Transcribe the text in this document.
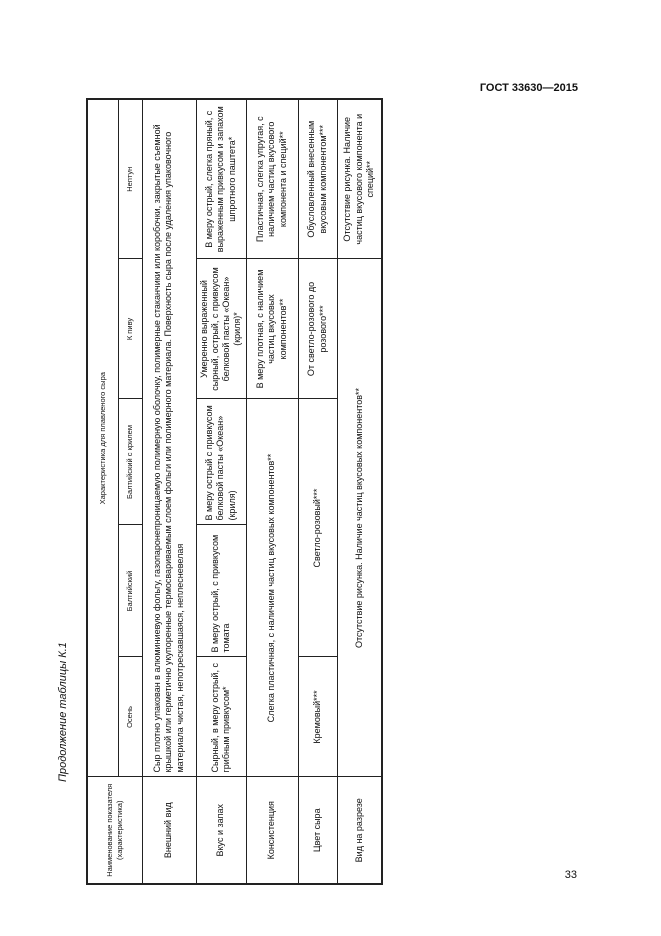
ГОСТ 33630—2015
33
Продолжение таблицы К.1
Наименование показателя (характеристика)	Характеристика для плавленого сыра				
	Осень	Балтийский	Балтийский с крилем	К пиву	Нептун
Внешний вид	Сыр плотно упакован в алюминиевую фольгу, газопаронепроницаемую полимерную оболочку, полимерные стаканчики или коробочки, закрытые съемной крышкой или герметично укупоренные термосвариваемым слоем фольги или полимерного материала. Поверхность сыра после удаления упаковочного материала чистая, непотрескавшаяся, неплесневелая				
Вкус и запах	Сырный, в меру острый, с грибным привкусом*	В меру острый, с привкусом томата	В меру острый с привкусом белковой пасты «Океан» (криля)	Умеренно выраженный сырный, острый, с привкусом белковой пасты «Океан» (криля)*	В меру острый, слегка пряный, с выраженным привкусом и запахом шпротного паштета*
Консистенция	Слегка пластичная, с наличием частиц вкусовых компонентов**			В меру плотная, с наличием частиц вкусовых компонентов**	Пластичная, слегка упругая, с наличием частиц вкусового компонента и специй**
Цвет сыра	Кремовый***	Светло-розовый***		От светло-розового до розового***	Обусловленный внесенным вкусовым компонентом***
Вид на разрезе	Отсутствие рисунка. Наличие частиц вкусовых компонентов**				Отсутствие рисунка. Наличие частиц вкусового компонента и специй**
